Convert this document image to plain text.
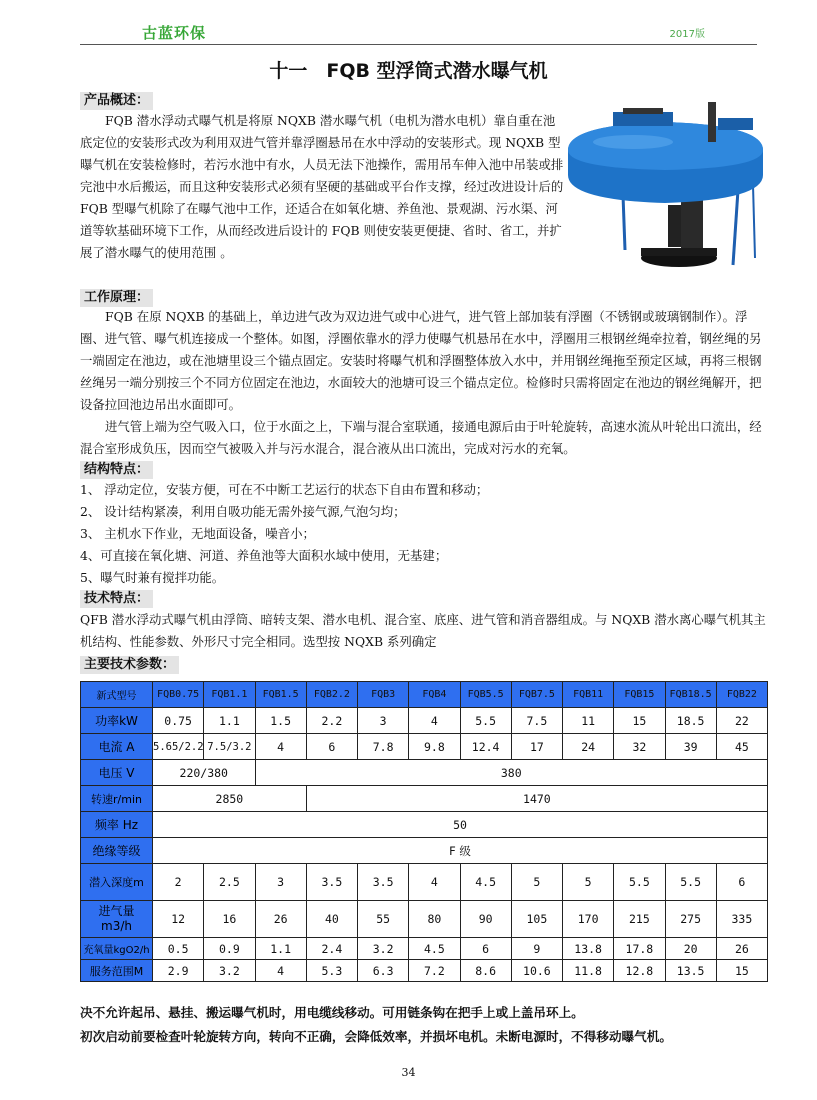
古蓝环保	2017版
十一　FQB 型浮筒式潜水曝气机
产品概述：
FQB 潜水浮动式曝气机是将原 NQXB 潜水曝气机（电机为潜水电机）靠自重在池底定位的安装形式改为利用双进气管并靠浮圈悬吊在水中浮动的安装形式。现 NQXB 型曝气机在安装检修时，若污水池中有水，人员无法下池操作，需用吊车伸入池中吊装或排完池中水后搬运，而且这种安装形式必须有坚硬的基础或平台作支撑，经过改进设计后的 FQB 型曝气机除了在曝气池中工作，还适合在如氧化塘、养鱼池、景观湖、污水渠、河道等软基础环境下工作，从而经改进后设计的 FQB 则使安装更便捷、省时、省工，并扩展了潜水曝气的使用范围 。
工作原理：

FQB 在原 NQXB 的基础上，单边进气改为双边进气或中心进气，进气管上部加装有浮圈（不锈钢或玻璃钢制作）。浮圈、进气管、曝气机连接成一个整体。如图，浮圈依靠水的浮力使曝气机悬吊在水中，浮圈用三根钢丝绳牵拉着，钢丝绳的另一端固定在池边，或在池塘里设三个锚点固定。安装时将曝气机和浮圈整体放入水中，并用钢丝绳拖至预定区域，再将三根钢丝绳另一端分别按三个不同方位固定在池边，水面较大的池塘可设三个锚点定位。检修时只需将固定在池边的钢丝绳解开，把设备拉回池边吊出水面即可。

进气管上端为空气吸入口，位于水面之上，下端与混合室联通，接通电源后由于叶轮旋转，高速水流从叶轮出口流出，经混合室形成负压，因而空气被吸入并与污水混合，混合液从出口流出，完成对污水的充氧。

结构特点：
1、 浮动定位，安装方便，可在不中断工艺运行的状态下自由布置和移动；
2、 设计结构紧凑，利用自吸功能无需外接气源,气泡匀均；
3、 主机水下作业，无地面设备，噪音小；
4、可直接在氧化塘、河道、养鱼池等大面积水域中使用，无基建；
5、曝气时兼有搅拌功能。
技术特点：
QFB 潜水浮动式曝气机由浮筒、暗转支架、潜水电机、混合室、底座、进气管和消音器组成。与 NQXB 潜水离心曝气机其主机结构、性能参数、外形尺寸完全相同。选型按 NQXB 系列确定
主要技术参数：
新式型号	FQB0.75	FQB1.1	FQB1.5	FQB2.2	FQB3	FQB4	FQB5.5	FQB7.5	FQB11	FQB15	FQB18.5	FQB22
功率kW	0.75	1.1	1.5	2.2	3	4	5.5	7.5	11	15	18.5	22
电流 A	5.65/2.2	7.5/3.2	4	6	7.8	9.8	12.4	17	24	32	39	45
电压 V	220/380		380									
转速r/min	2850			1470								
频率 Hz	50											
绝缘等级	F 级											
潜入深度m	2	2.5	3	3.5	3.5	4	4.5	5	5	5.5	5.5	6
进气量
m3/h	12	16	26	40	55	80	90	105	170	215	275	335
充氧量kgO2/h	0.5	0.9	1.1	2.4	3.2	4.5	6	9	13.8	17.8	20	26
服务范围M	2.9	3.2	4	5.3	6.3	7.2	8.6	10.6	11.8	12.8	13.5	15
决不允许起吊、悬挂、搬运曝气机时，用电缆线移动。可用链条钩在把手上或上盖吊环上。
初次启动前要检查叶轮旋转方向，转向不正确，会降低效率，并损坏电机。未断电源时，不得移动曝气机。
34
